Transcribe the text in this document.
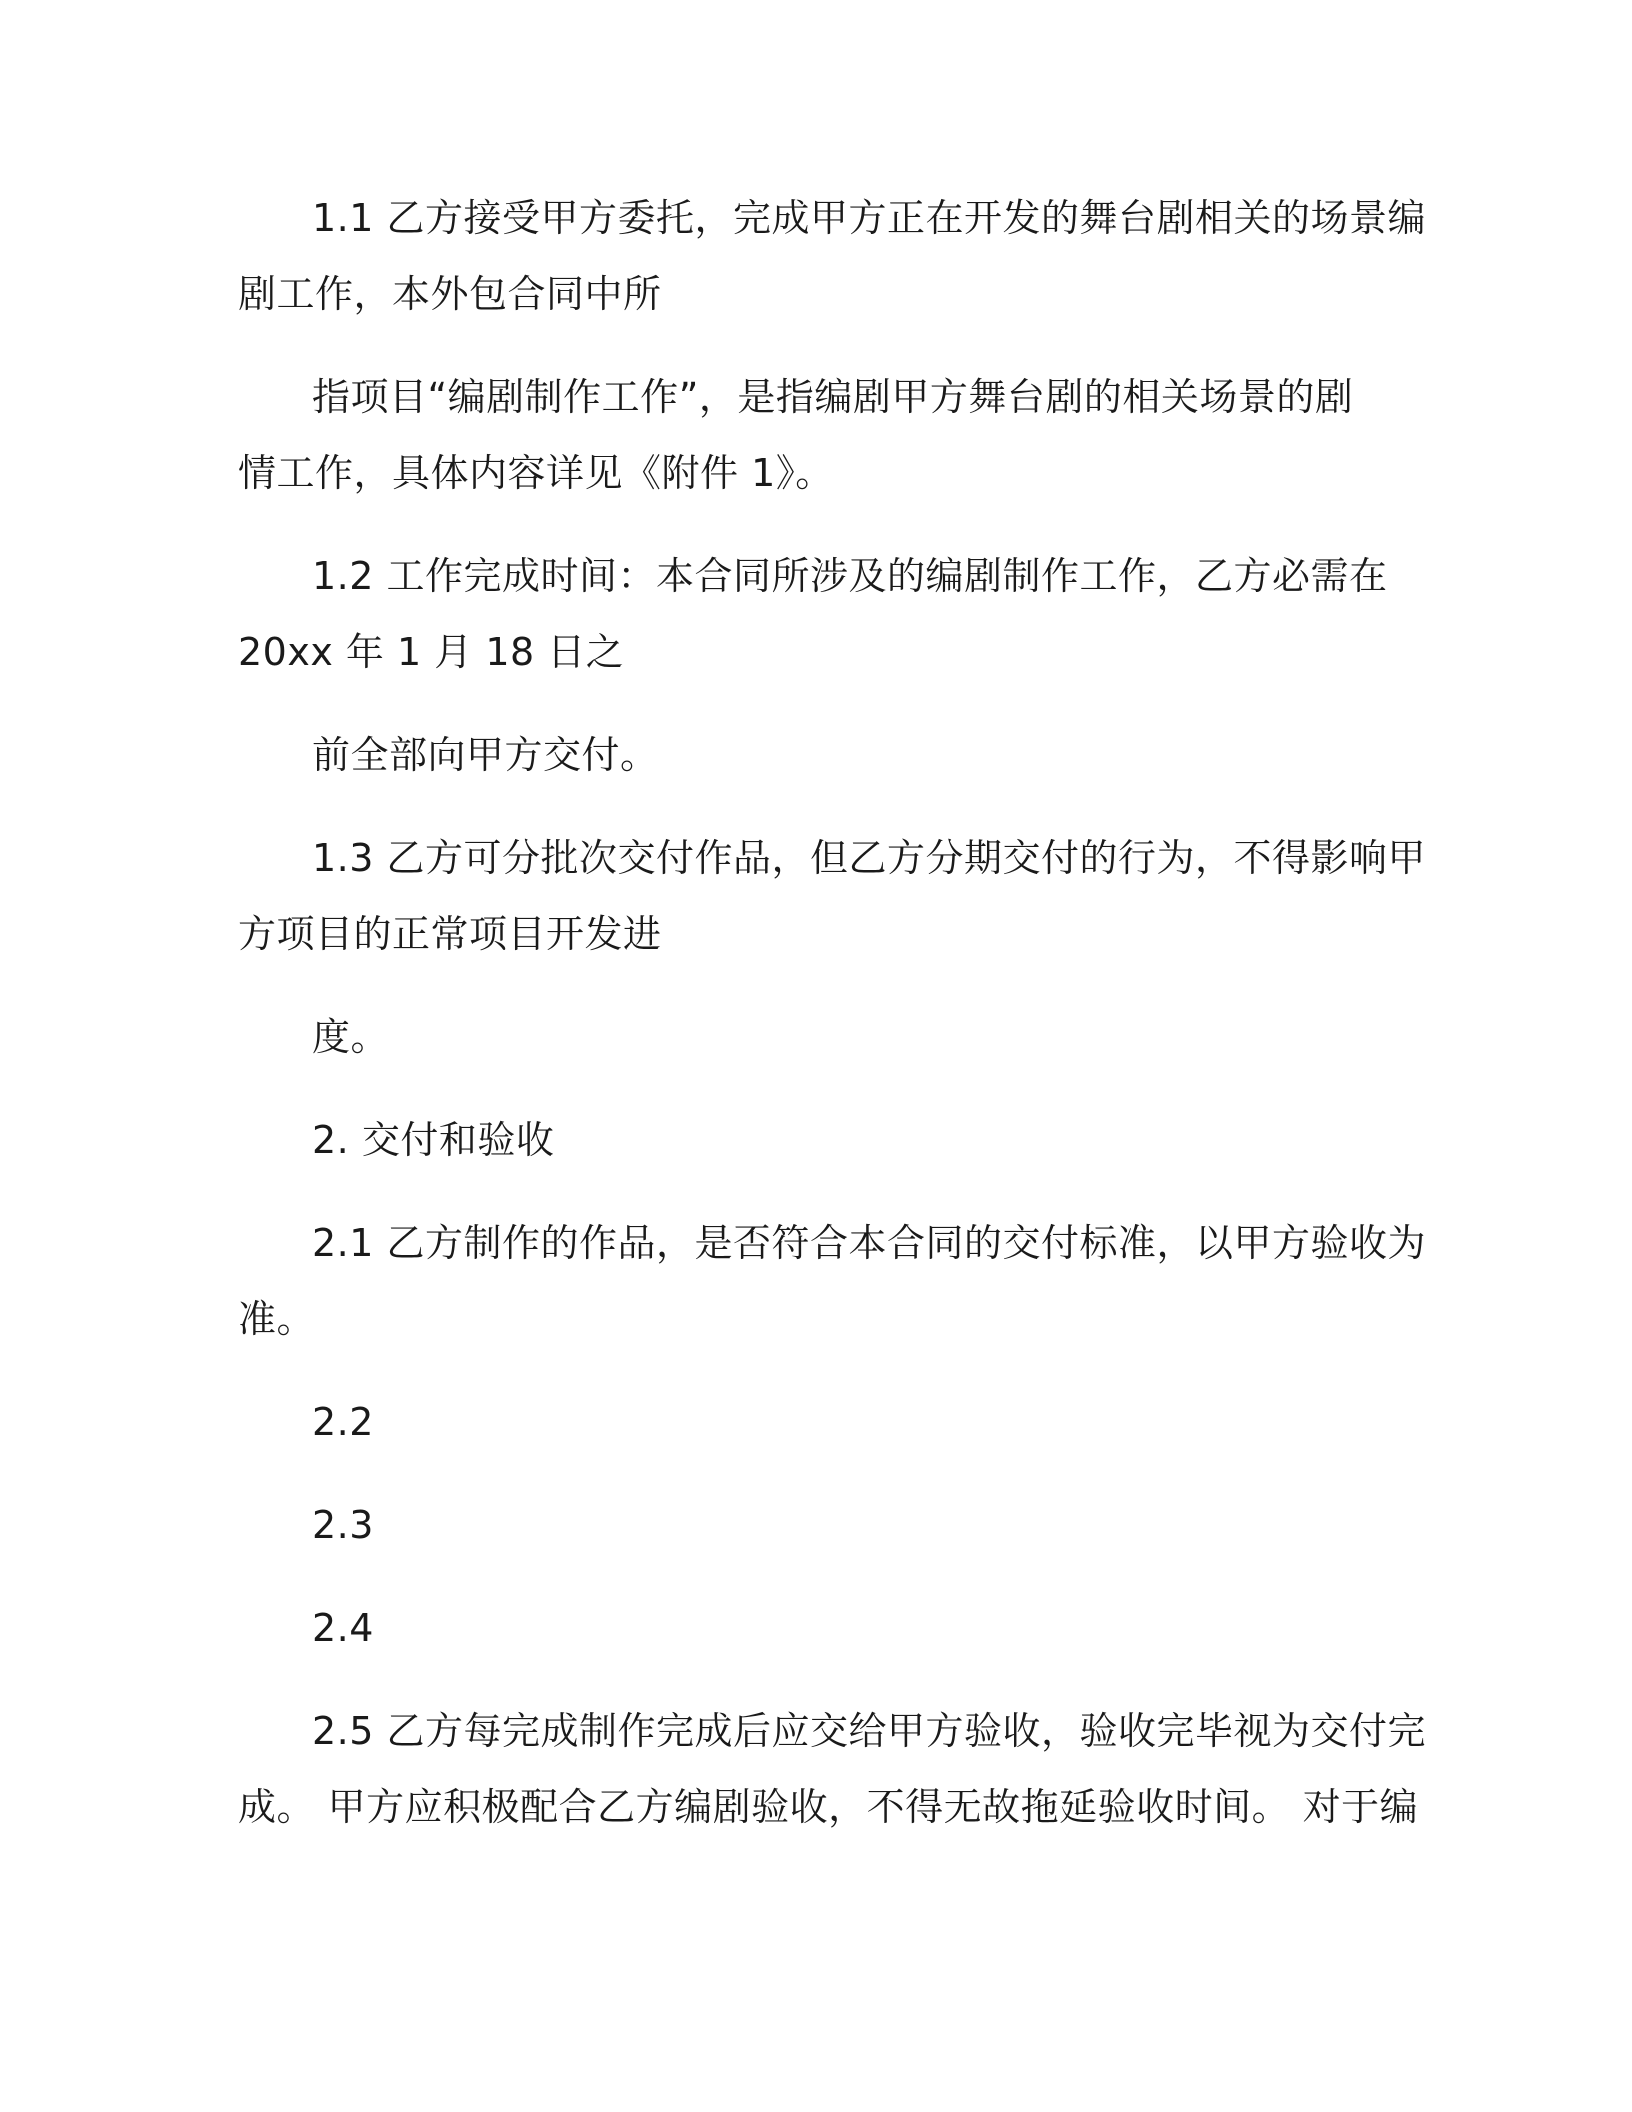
1.1 乙方接受甲方委托，完成甲方正在开发的舞台剧相关的场景编
剧工作，本外包合同中所
指项目“编剧制作工作”，是指编剧甲方舞台剧的相关场景的剧
情工作，具体内容详见《附件 1》。
1.2 工作完成时间：本合同所涉及的编剧制作工作，乙方必需在
20xx 年 1 月 18 日之
前全部向甲方交付。
1.3 乙方可分批次交付作品，但乙方分期交付的行为，不得影响甲
方项目的正常项目开发进
度。
2. 交付和验收
2.1 乙方制作的作品，是否符合本合同的交付标准，以甲方验收为
准。
2.2
2.3
2.4
2.5 乙方每完成制作完成后应交给甲方验收，验收完毕视为交付完
成。 甲方应积极配合乙方编剧验收，不得无故拖延验收时间。 对于编
